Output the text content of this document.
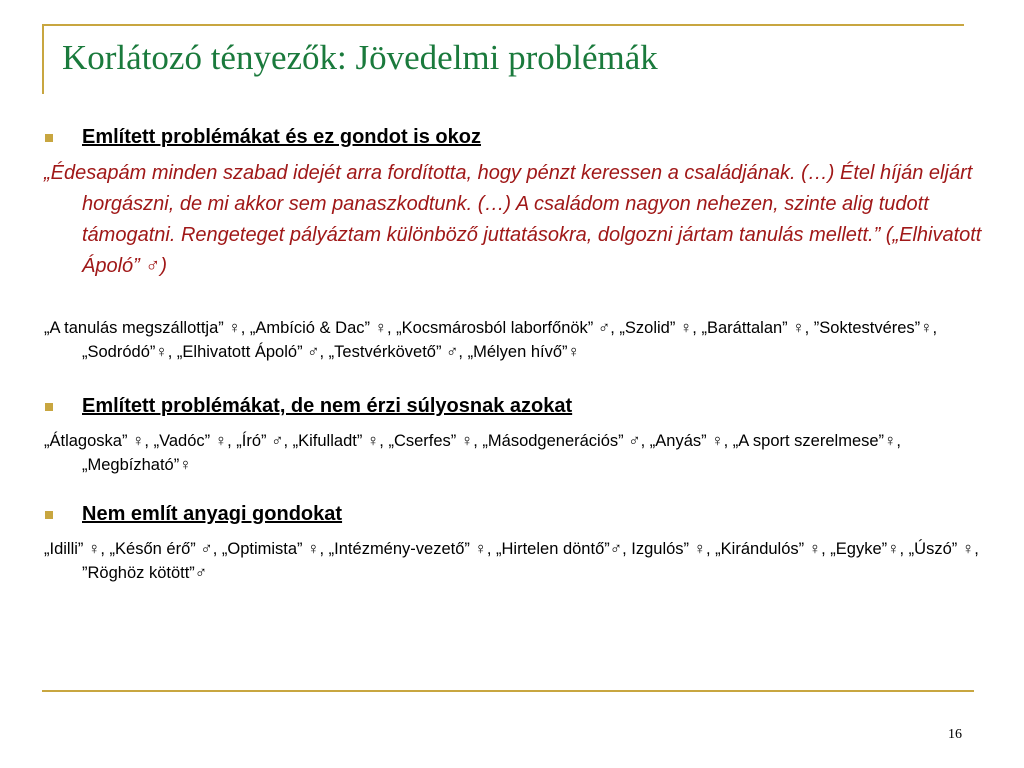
Korlátozó tényezők: Jövedelmi problémák
Említett problémákat és ez gondot is okoz
„Édesapám minden szabad idejét arra fordította, hogy pénzt keressen a családjának. (…) Étel híján eljárt horgászni, de mi akkor sem panaszkodtunk. (…) A családom nagyon nehezen, szinte alig tudott támogatni. Rengeteget pályáztam különböző juttatásokra, dolgozni jártam tanulás mellett.” („Elhivatott Ápoló” ♂)
„A tanulás megszállottja” ♀, „Ambíció & Dac” ♀, „Kocsmárosból laborfőnök” ♂, „Szolid” ♀, „Baráttalan” ♀, ”Soktestvéres”♀, „Sodródó”♀, „Elhivatott Ápoló” ♂, „Testvérkövető” ♂, „Mélyen hívő”♀
Említett problémákat, de nem érzi súlyosnak azokat
„Átlagoska” ♀, „Vadóc” ♀, „Író” ♂, „Kifulladt” ♀, „Cserfes” ♀, „Másodgenerációs” ♂, „Anyás” ♀, „A sport szerelmese”♀, „Megbízható”♀
Nem említ anyagi gondokat
„Idilli” ♀, „Későn érő” ♂, „Optimista” ♀, „Intézmény-vezető” ♀, „Hirtelen döntő”♂, Izgulós” ♀, „Kirándulós” ♀, „Egyke”♀, „Úszó” ♀, ”Röghöz kötött”♂
16
